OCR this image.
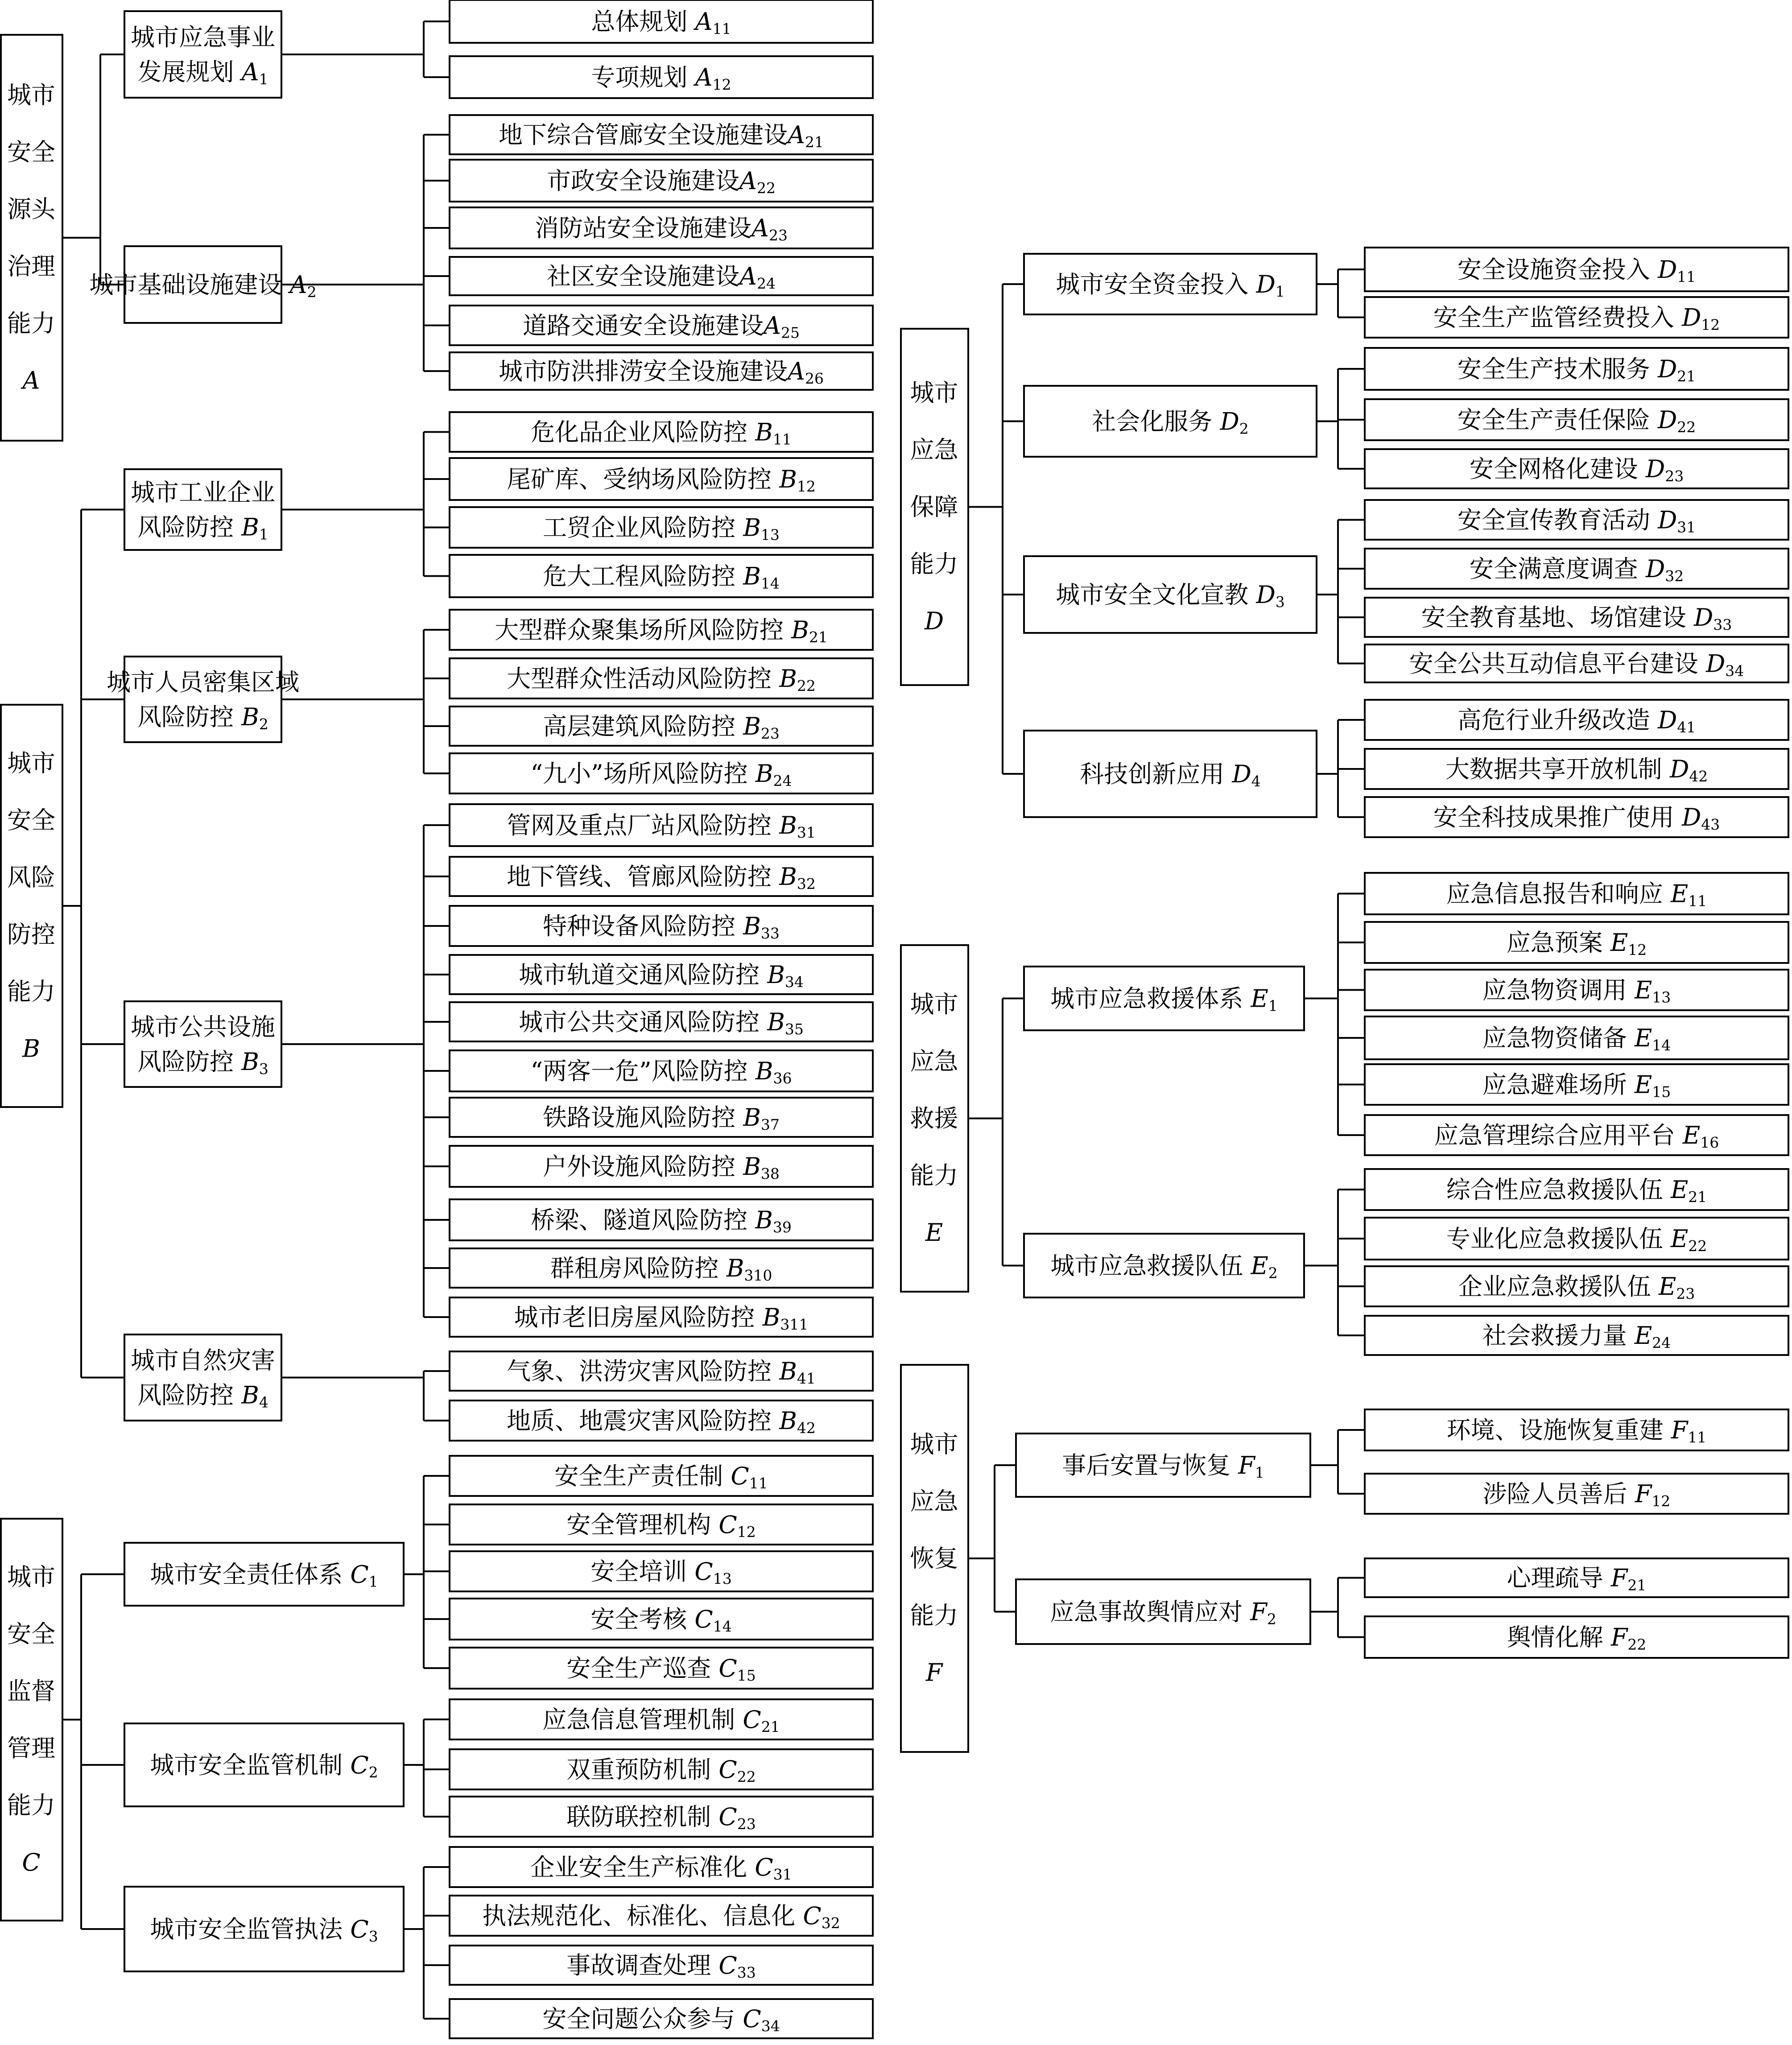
城市
安全
源头
治理
能力
A
城市应急事业
发展规划 $A_1$
总体规划 $A_{11}$
专项规划 $A_{12}$
城市基础设施建设 $A_2$
地下综合管廊安全设施建设$A_{21}$
市政安全设施建设$A_{22}$
消防站安全设施建设$A_{23}$
社区安全设施建设$A_{24}$
道路交通安全设施建设$A_{25}$
城市防洪排涝安全设施建设$A_{26}$
城市
安全
风险
防控
能力
B
城市工业企业
风险防控 $B_1$
危化品企业风险防控 $B_{11}$
尾矿库、受纳场风险防控 $B_{12}$
工贸企业风险防控 $B_{13}$
危大工程风险防控 $B_{14}$
城市人员密集区域
风险防控 $B_2$
大型群众聚集场所风险防控 $B_{21}$
大型群众性活动风险防控 $B_{22}$
高层建筑风险防控 $B_{23}$
“九小”场所风险防控 $B_{24}$
城市公共设施
风险防控 $B_3$
管网及重点厂站风险防控 $B_{31}$
地下管线、管廊风险防控 $B_{32}$
特种设备风险防控 $B_{33}$
城市轨道交通风险防控 $B_{34}$
城市公共交通风险防控 $B_{35}$
“两客一危”风险防控 $B_{36}$
铁路设施风险防控 $B_{37}$
户外设施风险防控 $B_{38}$
桥梁、隧道风险防控 $B_{39}$
群租房风险防控 $B_{310}$
城市老旧房屋风险防控 $B_{311}$
城市自然灾害
风险防控 $B_4$
气象、洪涝灾害风险防控 $B_{41}$
地质、地震灾害风险防控 $B_{42}$
城市
安全
监督
管理
能力
C
城市安全责任体系 $C_1$
安全生产责任制 $C_{11}$
安全管理机构 $C_{12}$
安全培训 $C_{13}$
安全考核 $C_{14}$
安全生产巡查 $C_{15}$
城市安全监管机制 $C_2$
应急信息管理机制 $C_{21}$
双重预防机制 $C_{22}$
联防联控机制 $C_{23}$
城市安全监管执法 $C_3$
企业安全生产标准化 $C_{31}$
执法规范化、标准化、信息化 $C_{32}$
事故调查处理 $C_{33}$
安全问题公众参与 $C_{34}$
城市
应急
保障
能力
D
城市安全资金投入 $D_1$
安全设施资金投入 $D_{11}$
安全生产监管经费投入 $D_{12}$
社会化服务 $D_2$
安全生产技术服务 $D_{21}$
安全生产责任保险 $D_{22}$
安全网格化建设 $D_{23}$
城市安全文化宣教 $D_3$
安全宣传教育活动 $D_{31}$
安全满意度调查 $D_{32}$
安全教育基地、场馆建设 $D_{33}$
安全公共互动信息平台建设 $D_{34}$
科技创新应用 $D_4$
高危行业升级改造 $D_{41}$
大数据共享开放机制 $D_{42}$
安全科技成果推广使用 $D_{43}$
城市
应急
救援
能力
E
城市应急救援体系 $E_1$
应急信息报告和响应 $E_{11}$
应急预案 $E_{12}$
应急物资调用 $E_{13}$
应急物资储备 $E_{14}$
应急避难场所 $E_{15}$
应急管理综合应用平台 $E_{16}$
城市应急救援队伍 $E_2$
综合性应急救援队伍 $E_{21}$
专业化应急救援队伍 $E_{22}$
企业应急救援队伍 $E_{23}$
社会救援力量 $E_{24}$
城市
应急
恢复
能力
F
事后安置与恢复 $F_1$
环境、设施恢复重建 $F_{11}$
涉险人员善后 $F_{12}$
应急事故舆情应对 $F_2$
心理疏导 $F_{21}$
舆情化解 $F_{22}$
